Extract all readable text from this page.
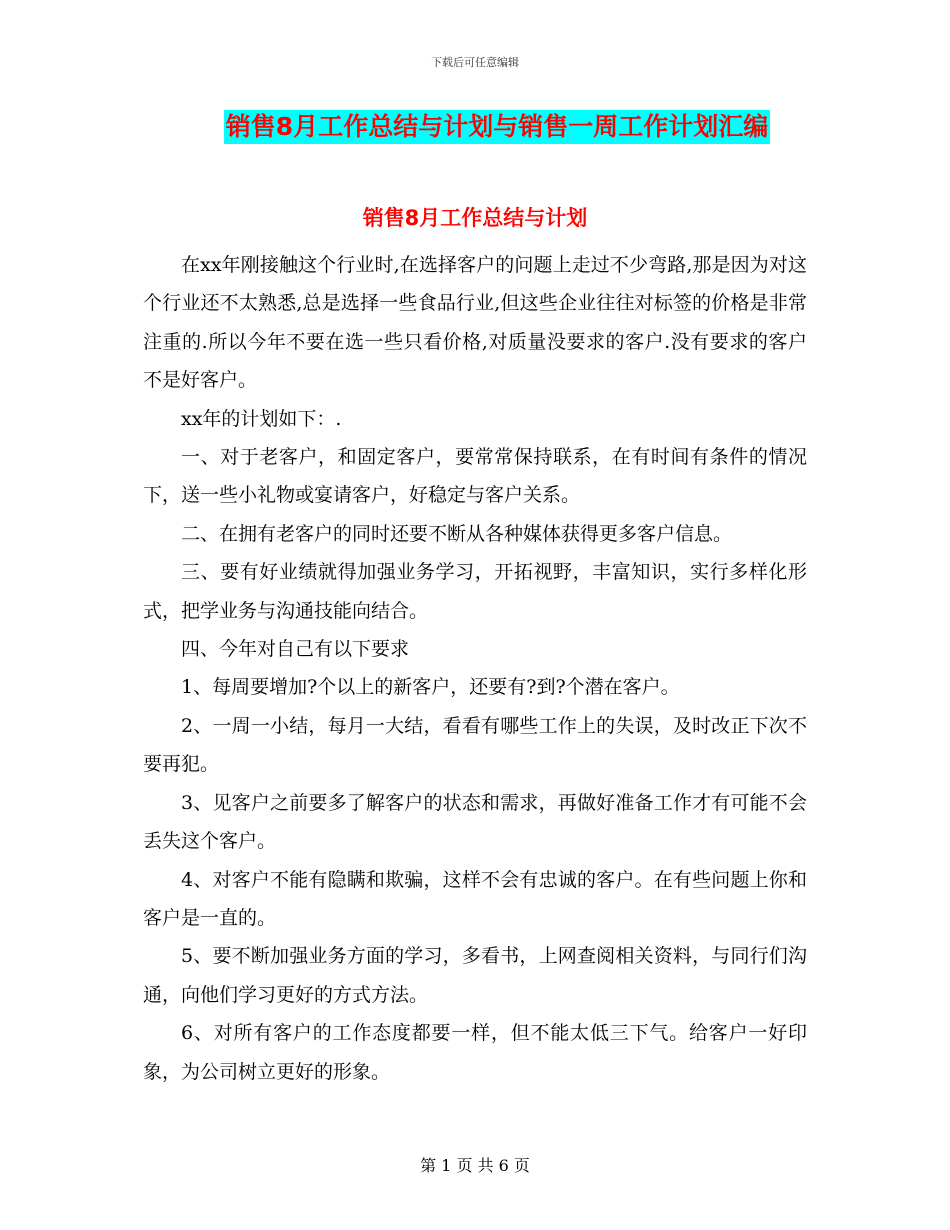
下载后可任意编辑
销售8月工作总结与计划与销售一周工作计划汇编
销售8月工作总结与计划

在xx年刚接触这个行业时,在选择客户的问题上走过不少弯路,那是因为对这个行业还不太熟悉,总是选择一些食品行业,但这些企业往往对标签的价格是非常注重的.所以今年不要在选一些只看价格,对质量没要求的客户.没有要求的客户不是好客户。

xx年的计划如下：.

一、对于老客户，和固定客户，要常常保持联系，在有时间有条件的情况下，送一些小礼物或宴请客户，好稳定与客户关系。

二、在拥有老客户的同时还要不断从各种媒体获得更多客户信息。

三、要有好业绩就得加强业务学习，开拓视野，丰富知识，实行多样化形式，把学业务与沟通技能向结合。

四、今年对自己有以下要求

1、每周要增加?个以上的新客户，还要有?到?个潜在客户。

2、一周一小结，每月一大结，看看有哪些工作上的失误，及时改正下次不要再犯。

3、见客户之前要多了解客户的状态和需求，再做好准备工作才有可能不会丢失这个客户。

4、对客户不能有隐瞒和欺骗，这样不会有忠诚的客户。在有些问题上你和客户是一直的。

5、要不断加强业务方面的学习，多看书，上网查阅相关资料，与同行们沟通，向他们学习更好的方式方法。

6、对所有客户的工作态度都要一样，但不能太低三下气。给客户一好印象，为公司树立更好的形象。

第 1 页 共 6 页
